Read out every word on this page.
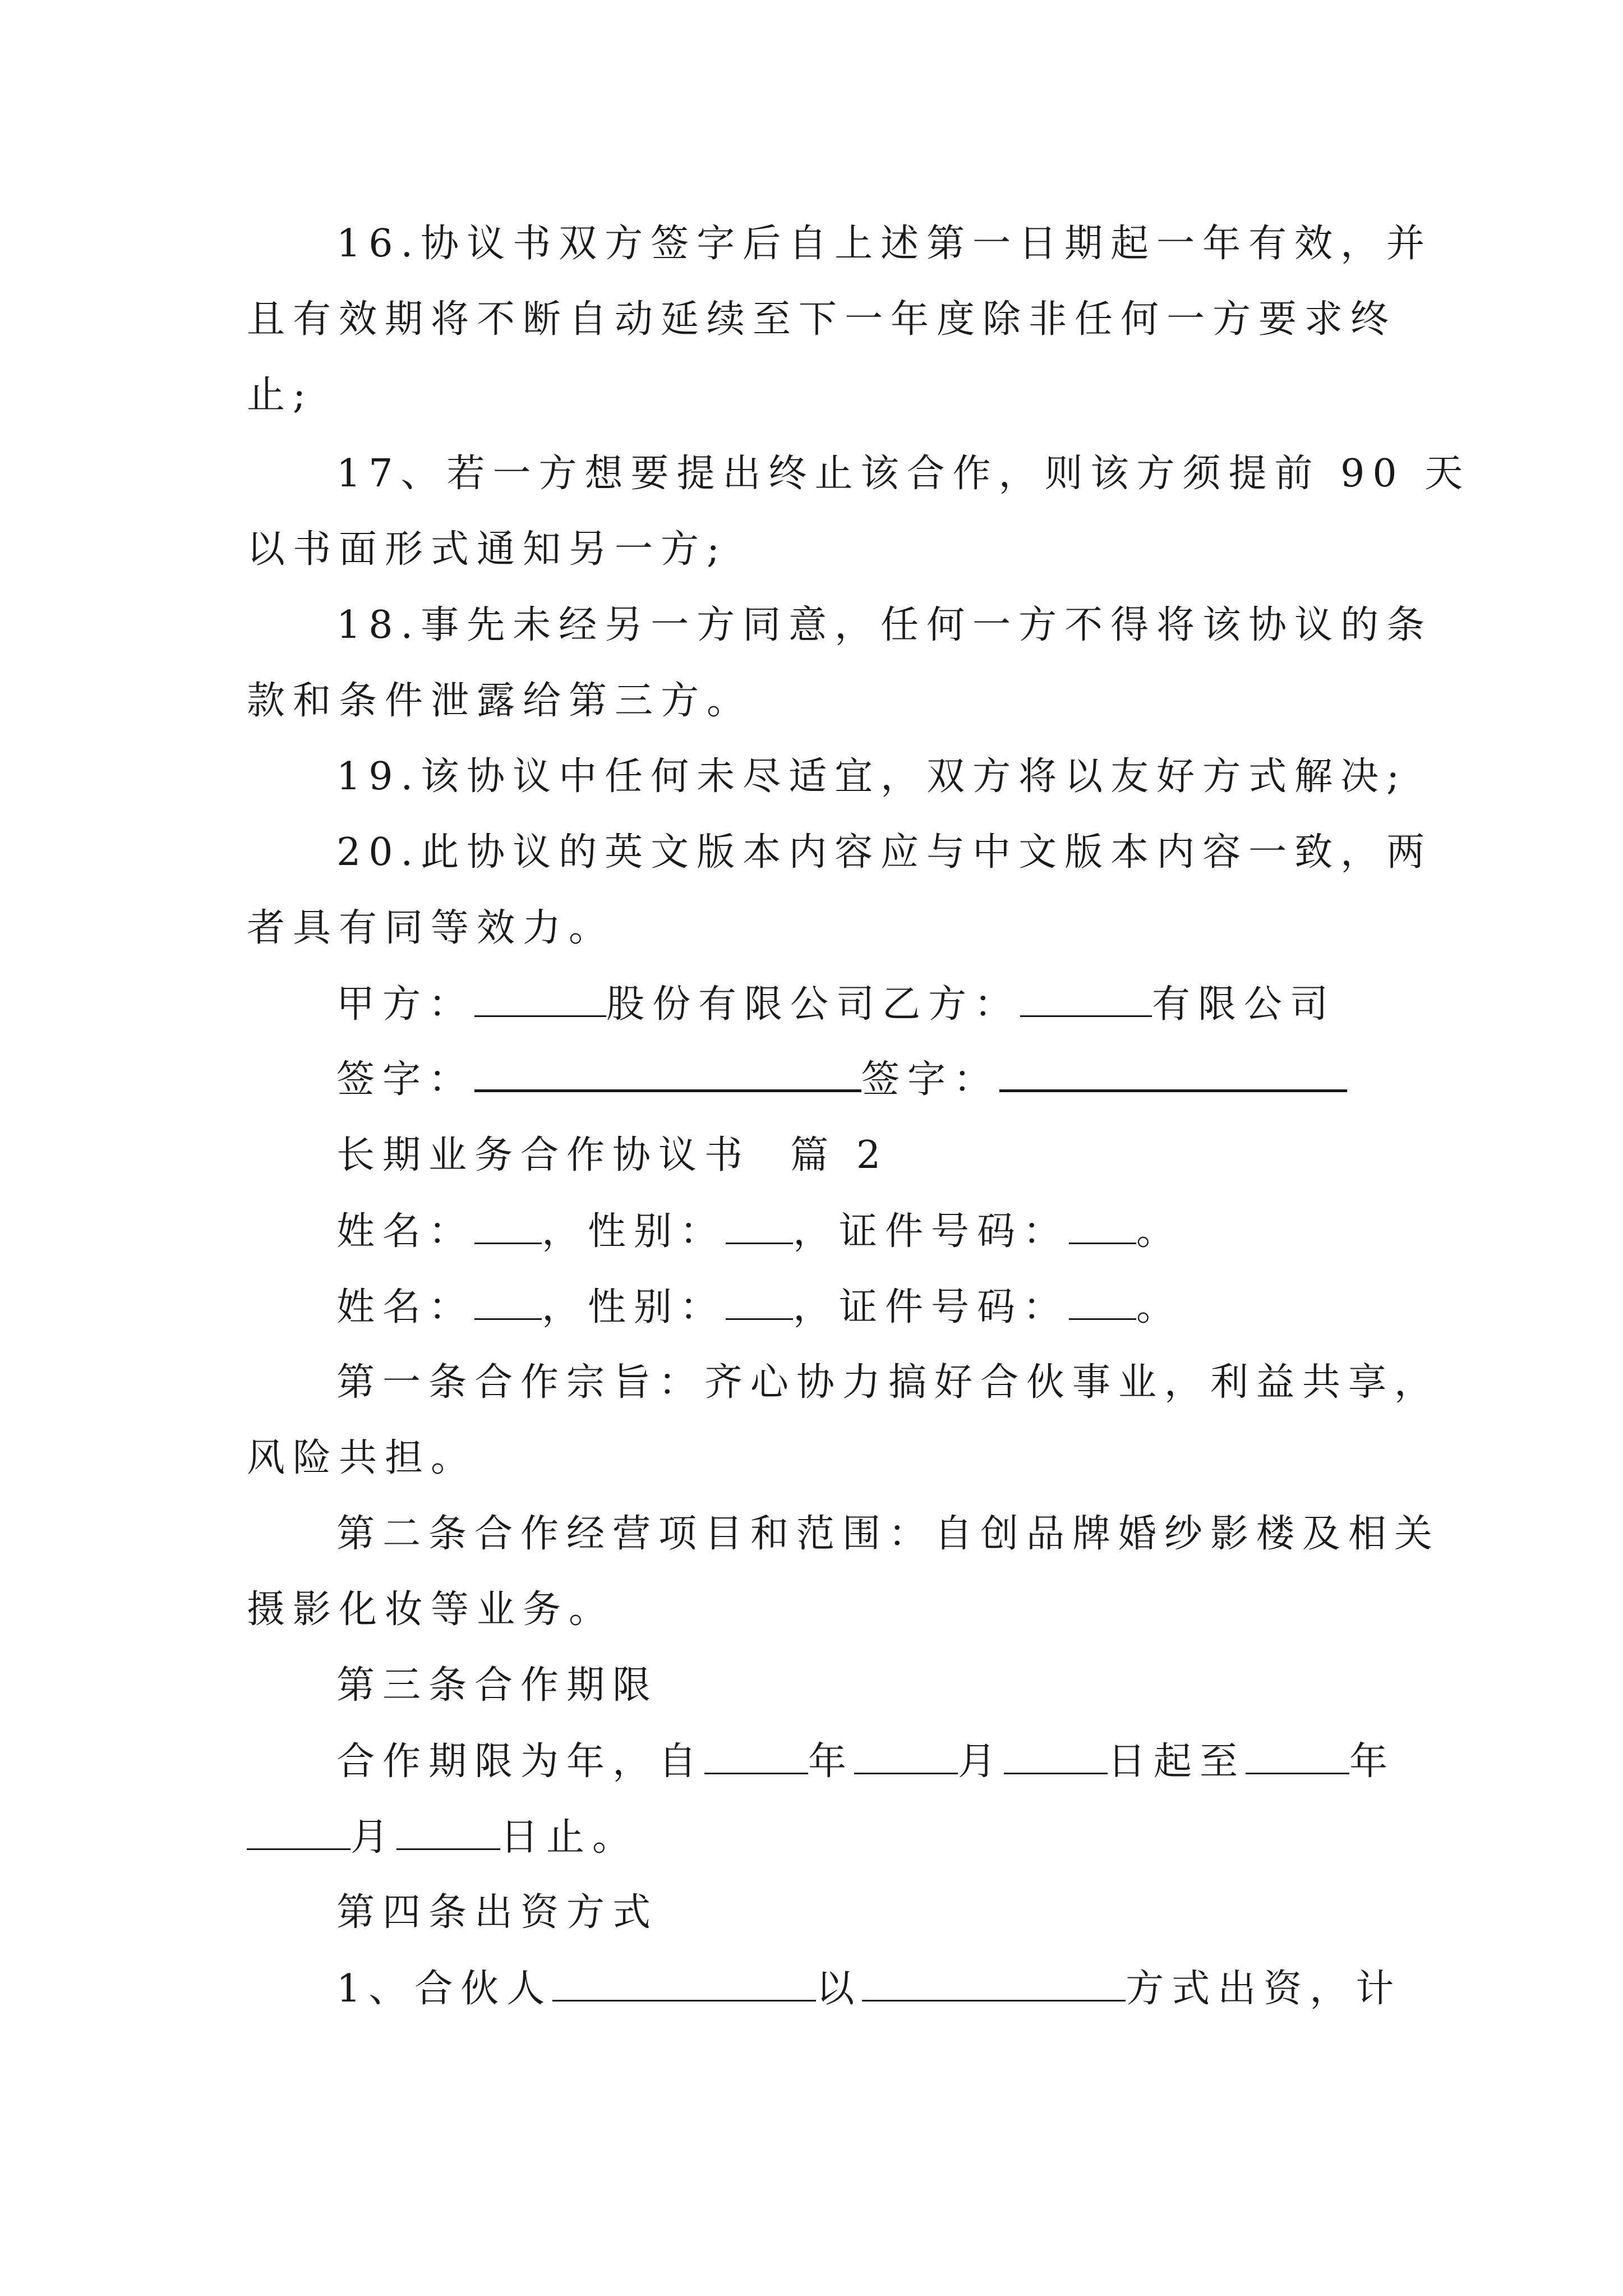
16.协议书双方签字后自上述第一日期起一年有效，并
且有效期将不断自动延续至下一年度除非任何一方要求终
止;
17、若一方想要提出终止该合作，则该方须提前 90 天
以书面形式通知另一方;
18.事先未经另一方同意，任何一方不得将该协议的条
款和条件泄露给第三方。
19.该协议中任何未尽适宜，双方将以友好方式解决;
20.此协议的英文版本内容应与中文版本内容一致，两
者具有同等效力。
甲方：	股份有限公司乙方：	有限公司
签字：	签字：
长期业务合作协议书  篇 2
姓名： ，性别： ，证件号码： 。
姓名： ，性别： ，证件号码： 。
第一条合作宗旨：齐心协力搞好合伙事业，利益共享，
风险共担。
第二条合作经营项目和范围：自创品牌婚纱影楼及相关
摄影化妆等业务。
第三条合作期限
合作期限为年，自	年	月	日起至	年
月	日止。
第四条出资方式
1、合伙人	以	方式出资，计
